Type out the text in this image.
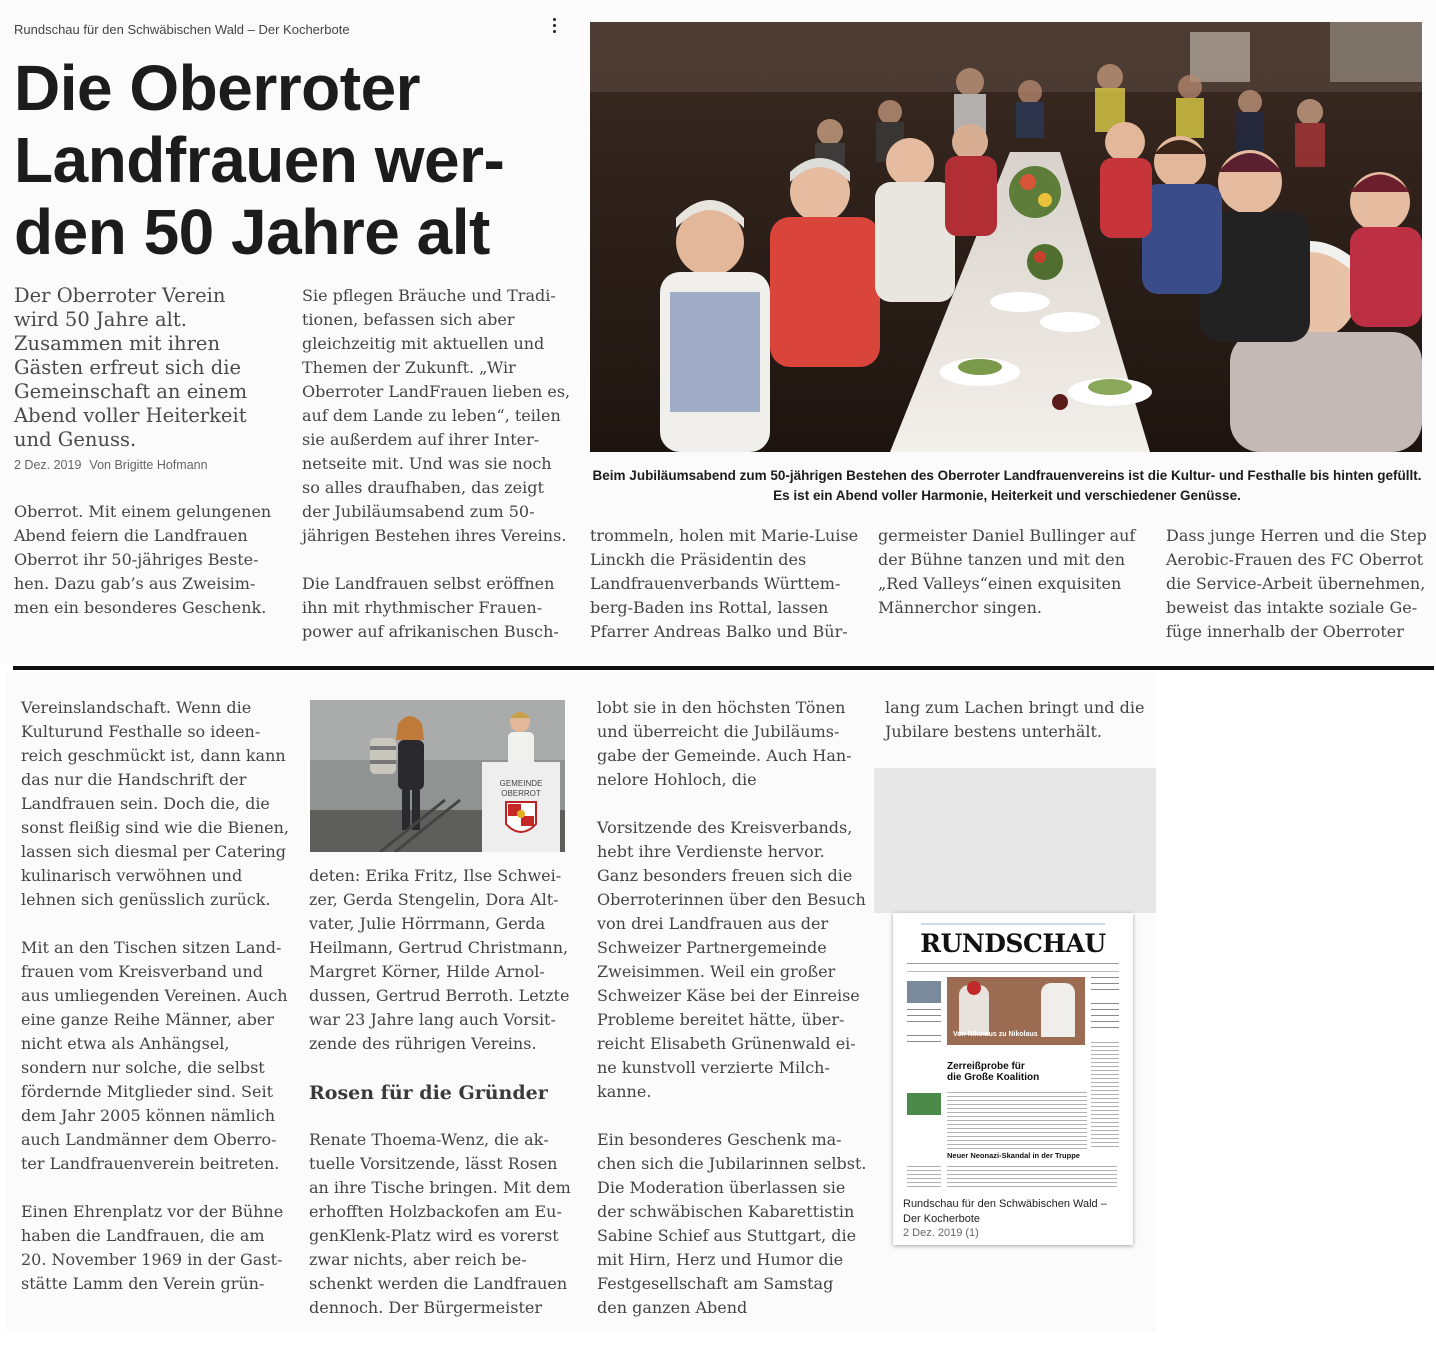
Rundschau für den Schwäbischen Wald – Der Kocherbote
Die Oberroter Landfrauen werden 50 Jahre alt
Der Oberroter Verein wird 50 Jahre alt. Zusammen mit ihren Gästen erfreut sich die Gemeinschaft an einem Abend voller Heiterkeit und Genuss.
2 Dez. 2019 Von Brigitte Hofmann

Oberrot. Mit einem gelungenen Abend feiern die Landfrauen Oberrot ihr 50-jähriges Bestehen. Dazu gab’s aus Zweisimmen ein besonderes Geschenk.

Sie pflegen Bräuche und Traditionen, befassen sich aber gleichzeitig mit aktuellen und Themen der Zukunft. „Wir Oberroter LandFrauen lieben es, auf dem Lande zu leben“, teilen sie außerdem auf ihrer Internetseite mit. Und was sie noch so alles draufhaben, das zeigt der Jubiläumsabend zum 50-jährigen Bestehen ihres Vereins.

Die Landfrauen selbst eröffnen ihn mit rhythmischer Frauenpower auf afrikanischen Busch-

Beim Jubiläumsabend zum 50-jährigen Bestehen des Oberroter Landfrauenvereins ist die Kultur- und Festhalle bis hinten gefüllt. Es ist ein Abend voller Harmonie, Heiterkeit und verschiedener Genüsse.

trommeln, holen mit Marie-Luise Linckh die Präsidentin des Landfrauenverbands Württemberg-Baden ins Rottal, lassen Pfarrer Andreas Balko und Bür-

germeister Daniel Bullinger auf der Bühne tanzen und mit den „Red Valleys“einen exquisiten Männerchor singen.

Dass junge Herren und die Step Aerobic-Frauen des FC Oberrot die Service-Arbeit übernehmen, beweist das intakte soziale Gefüge innerhalb der Oberroter

Vereinslandschaft. Wenn die Kulturund Festhalle so ideenreich geschmückt ist, dann kann das nur die Handschrift der Landfrauen sein. Doch die, die sonst fleißig sind wie die Bienen, lassen sich diesmal per Catering kulinarisch verwöhnen und lehnen sich genüsslich zurück.

Mit an den Tischen sitzen Landfrauen vom Kreisverband und aus umliegenden Vereinen. Auch eine ganze Reihe Männer, aber nicht etwa als Anhängsel, sondern nur solche, die selbst fördernde Mitglieder sind. Seit dem Jahr 2005 können nämlich auch Landmänner dem Oberroter Landfrauenverein beitreten.

Einen Ehrenplatz vor der Bühne haben die Landfrauen, die am 20. November 1969 in der Gaststätte Lamm den Verein grün-

GEMEINDE
OBERROT

deten: Erika Fritz, Ilse Schweizer, Gerda Stengelin, Dora Altvater, Julie Hörrmann, Gerda Heilmann, Gertrud Christmann, Margret Körner, Hilde Arnoldussen, Gertrud Berroth. Letzte war 23 Jahre lang auch Vorsitzende des rührigen Vereins.

Rosen für die Gründer

Renate Thoema-Wenz, die aktuelle Vorsitzende, lässt Rosen an ihre Tische bringen. Mit dem erhofften Holzbackofen am EugenKlenk-Platz wird es vorerst zwar nichts, aber reich beschenkt werden die Landfrauen dennoch. Der Bürgermeister

lobt sie in den höchsten Tönen und überreicht die Jubiläumsgabe der Gemeinde. Auch Hannelore Hohloch, die

Vorsitzende des Kreisverbands, hebt ihre Verdienste hervor. Ganz besonders freuen sich die Oberroterinnen über den Besuch von drei Landfrauen aus der Schweizer Partnergemeinde Zweisimmen. Weil ein großer Schweizer Käse bei der Einreise Probleme bereitet hätte, überreicht Elisabeth Grünenwald eine kunstvoll verzierte Milchkanne.

Ein besonderes Geschenk machen sich die Jubilarinnen selbst. Die Moderation überlassen sie der schwäbischen Kabarettistin Sabine Schief aus Stuttgart, die mit Hirn, Herz und Humor die Festgesellschaft am Samstag den ganzen Abend

lang zum Lachen bringt und die Jubilare bestens unterhält.

RUNDSCHAU
Von Nikolaus zu Nikolaus
Zerreißprobe für
die Große Koalition
Neuer Neonazi-Skandal in der Truppe
Rundschau für den Schwäbischen Wald – Der Kocherbote
2 Dez. 2019 (1)
